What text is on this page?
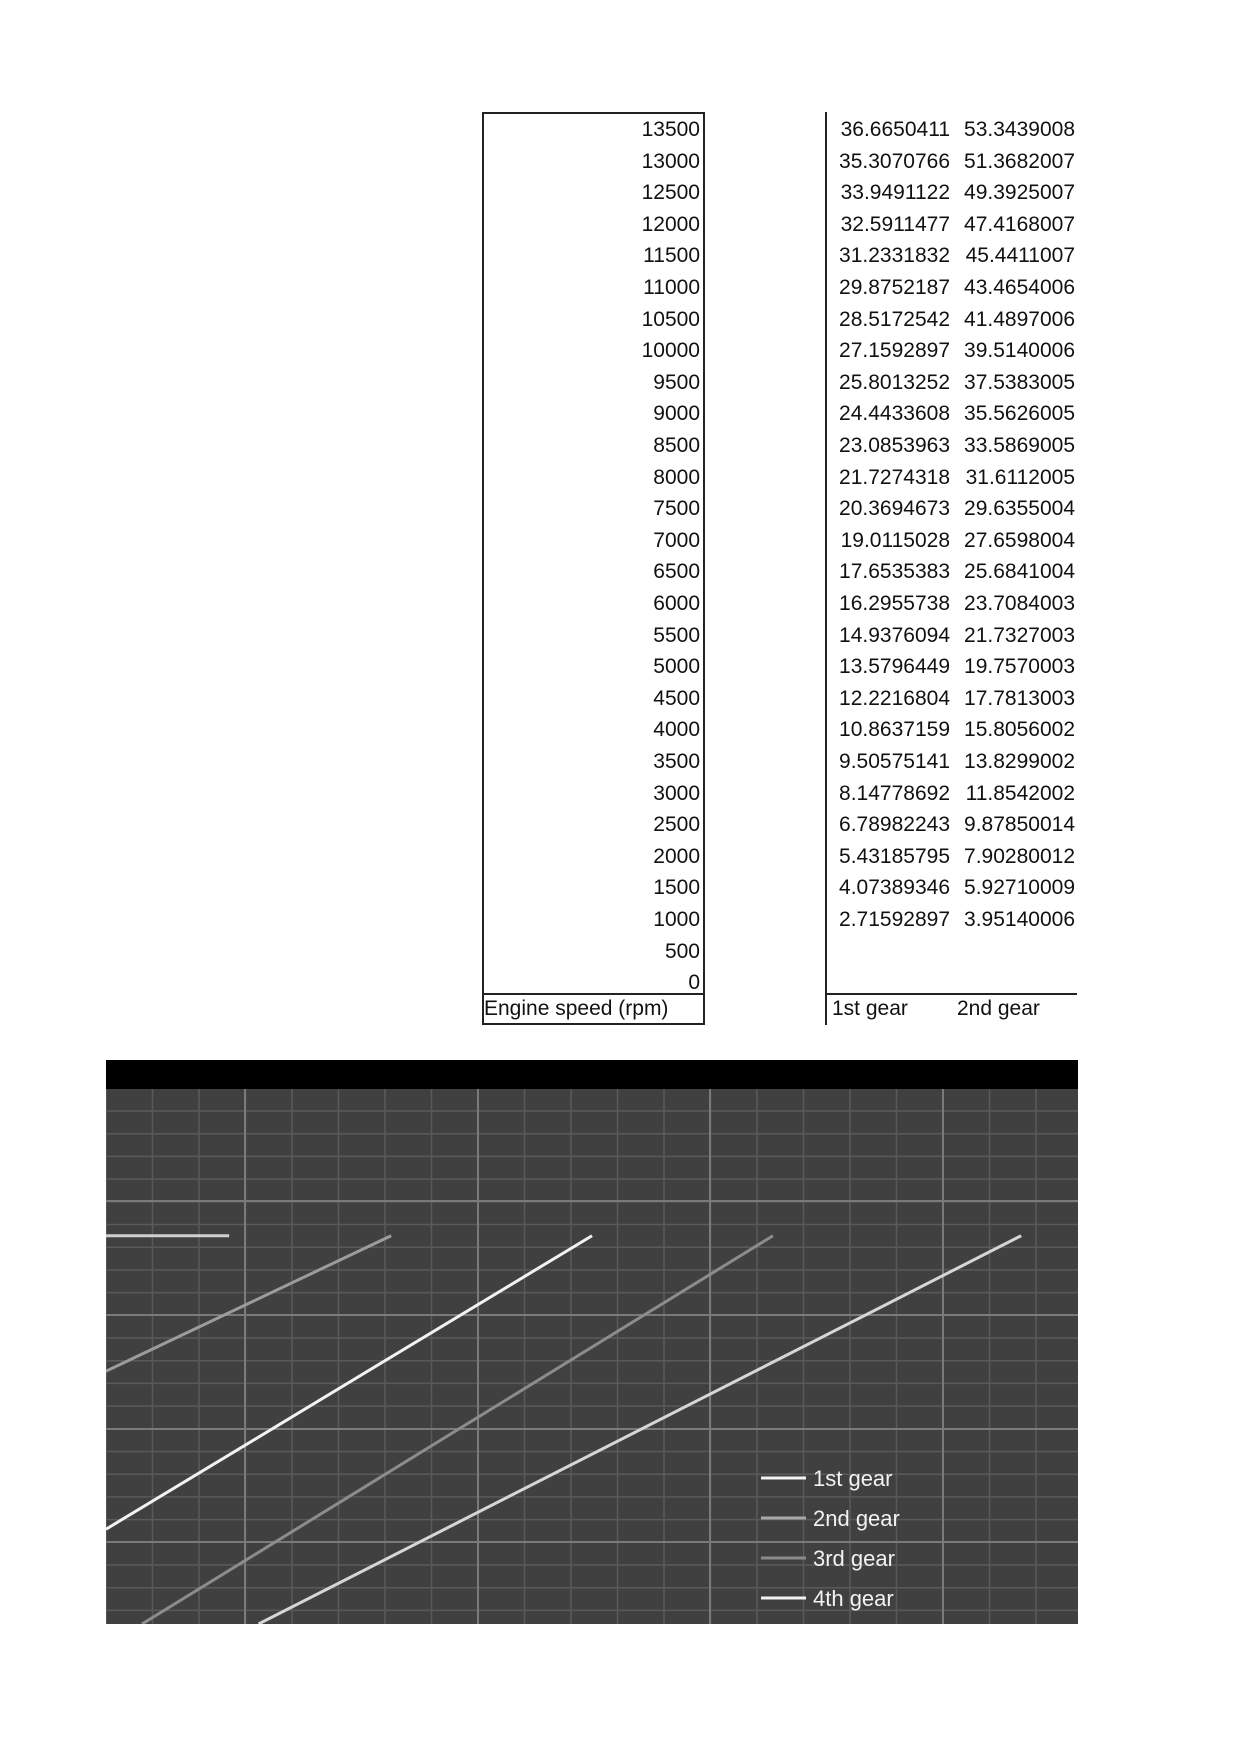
13500	36.6650411 53.3439008
13000	35.3070766 51.3682007
12500	33.9491122 49.3925007
12000	32.5911477 47.4168007
11500	31.2331832 45.4411007
11000	29.8752187 43.4654006
10500	28.5172542 41.4897006
10000	27.1592897 39.5140006
9500	25.8013252 37.5383005
9000	24.4433608 35.5626005
8500	23.0853963 33.5869005
8000	21.7274318 31.6112005
7500	20.3694673 29.6355004
7000	19.0115028 27.6598004
6500	17.6535383 25.6841004
6000	16.2955738 23.7084003
5500	14.9376094 21.7327003
5000	13.5796449 19.7570003
4500	12.2216804 17.7813003
4000	10.8637159 15.8056002
3500	9.50575141 13.8299002
3000	8.14778692 11.8542002
2500	6.78982243 9.87850014
2000	5.43185795 7.90280012
1500	4.07389346 5.92710009
1000	2.71592897 3.95140006
500
0
Engine speed (rpm)	1st gear 2nd gear
1st gear
2nd gear
3rd gear
4th gear
